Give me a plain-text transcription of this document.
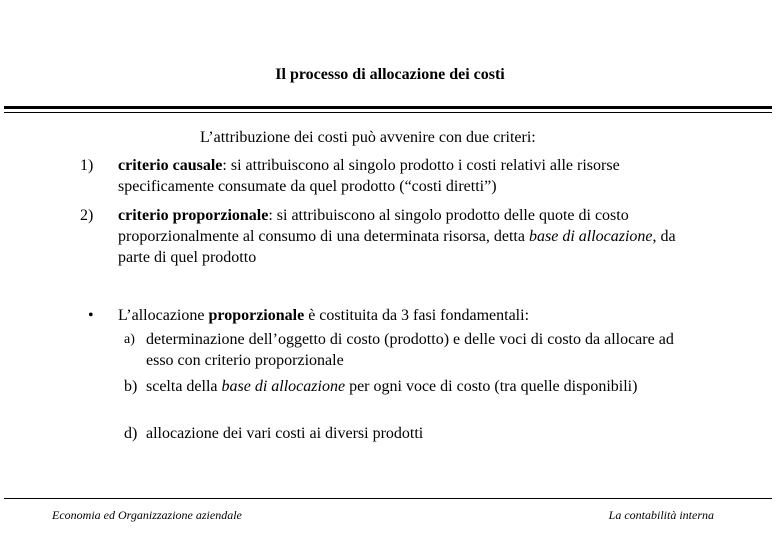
Il processo di allocazione dei costi
L’attribuzione dei costi può avvenire con due criteri:
1) criterio causale: si attribuiscono al singolo prodotto i costi relativi alle risorse specificamente consumate da quel prodotto (“costi diretti”)
2) criterio proporzionale: si attribuiscono al singolo prodotto delle quote di costo proporzionalmente al consumo di una determinata risorsa, detta base di allocazione, da parte di quel prodotto
• L’allocazione proporzionale è costituita da 3 fasi fondamentali:
a) determinazione dell’oggetto di costo (prodotto) e delle voci di costo da allocare ad esso con criterio proporzionale
b) scelta della base di allocazione per ogni voce di costo (tra quelle disponibili)
d) allocazione dei vari costi ai diversi prodotti
Economia ed Organizzazione aziendale	La contabilità interna
